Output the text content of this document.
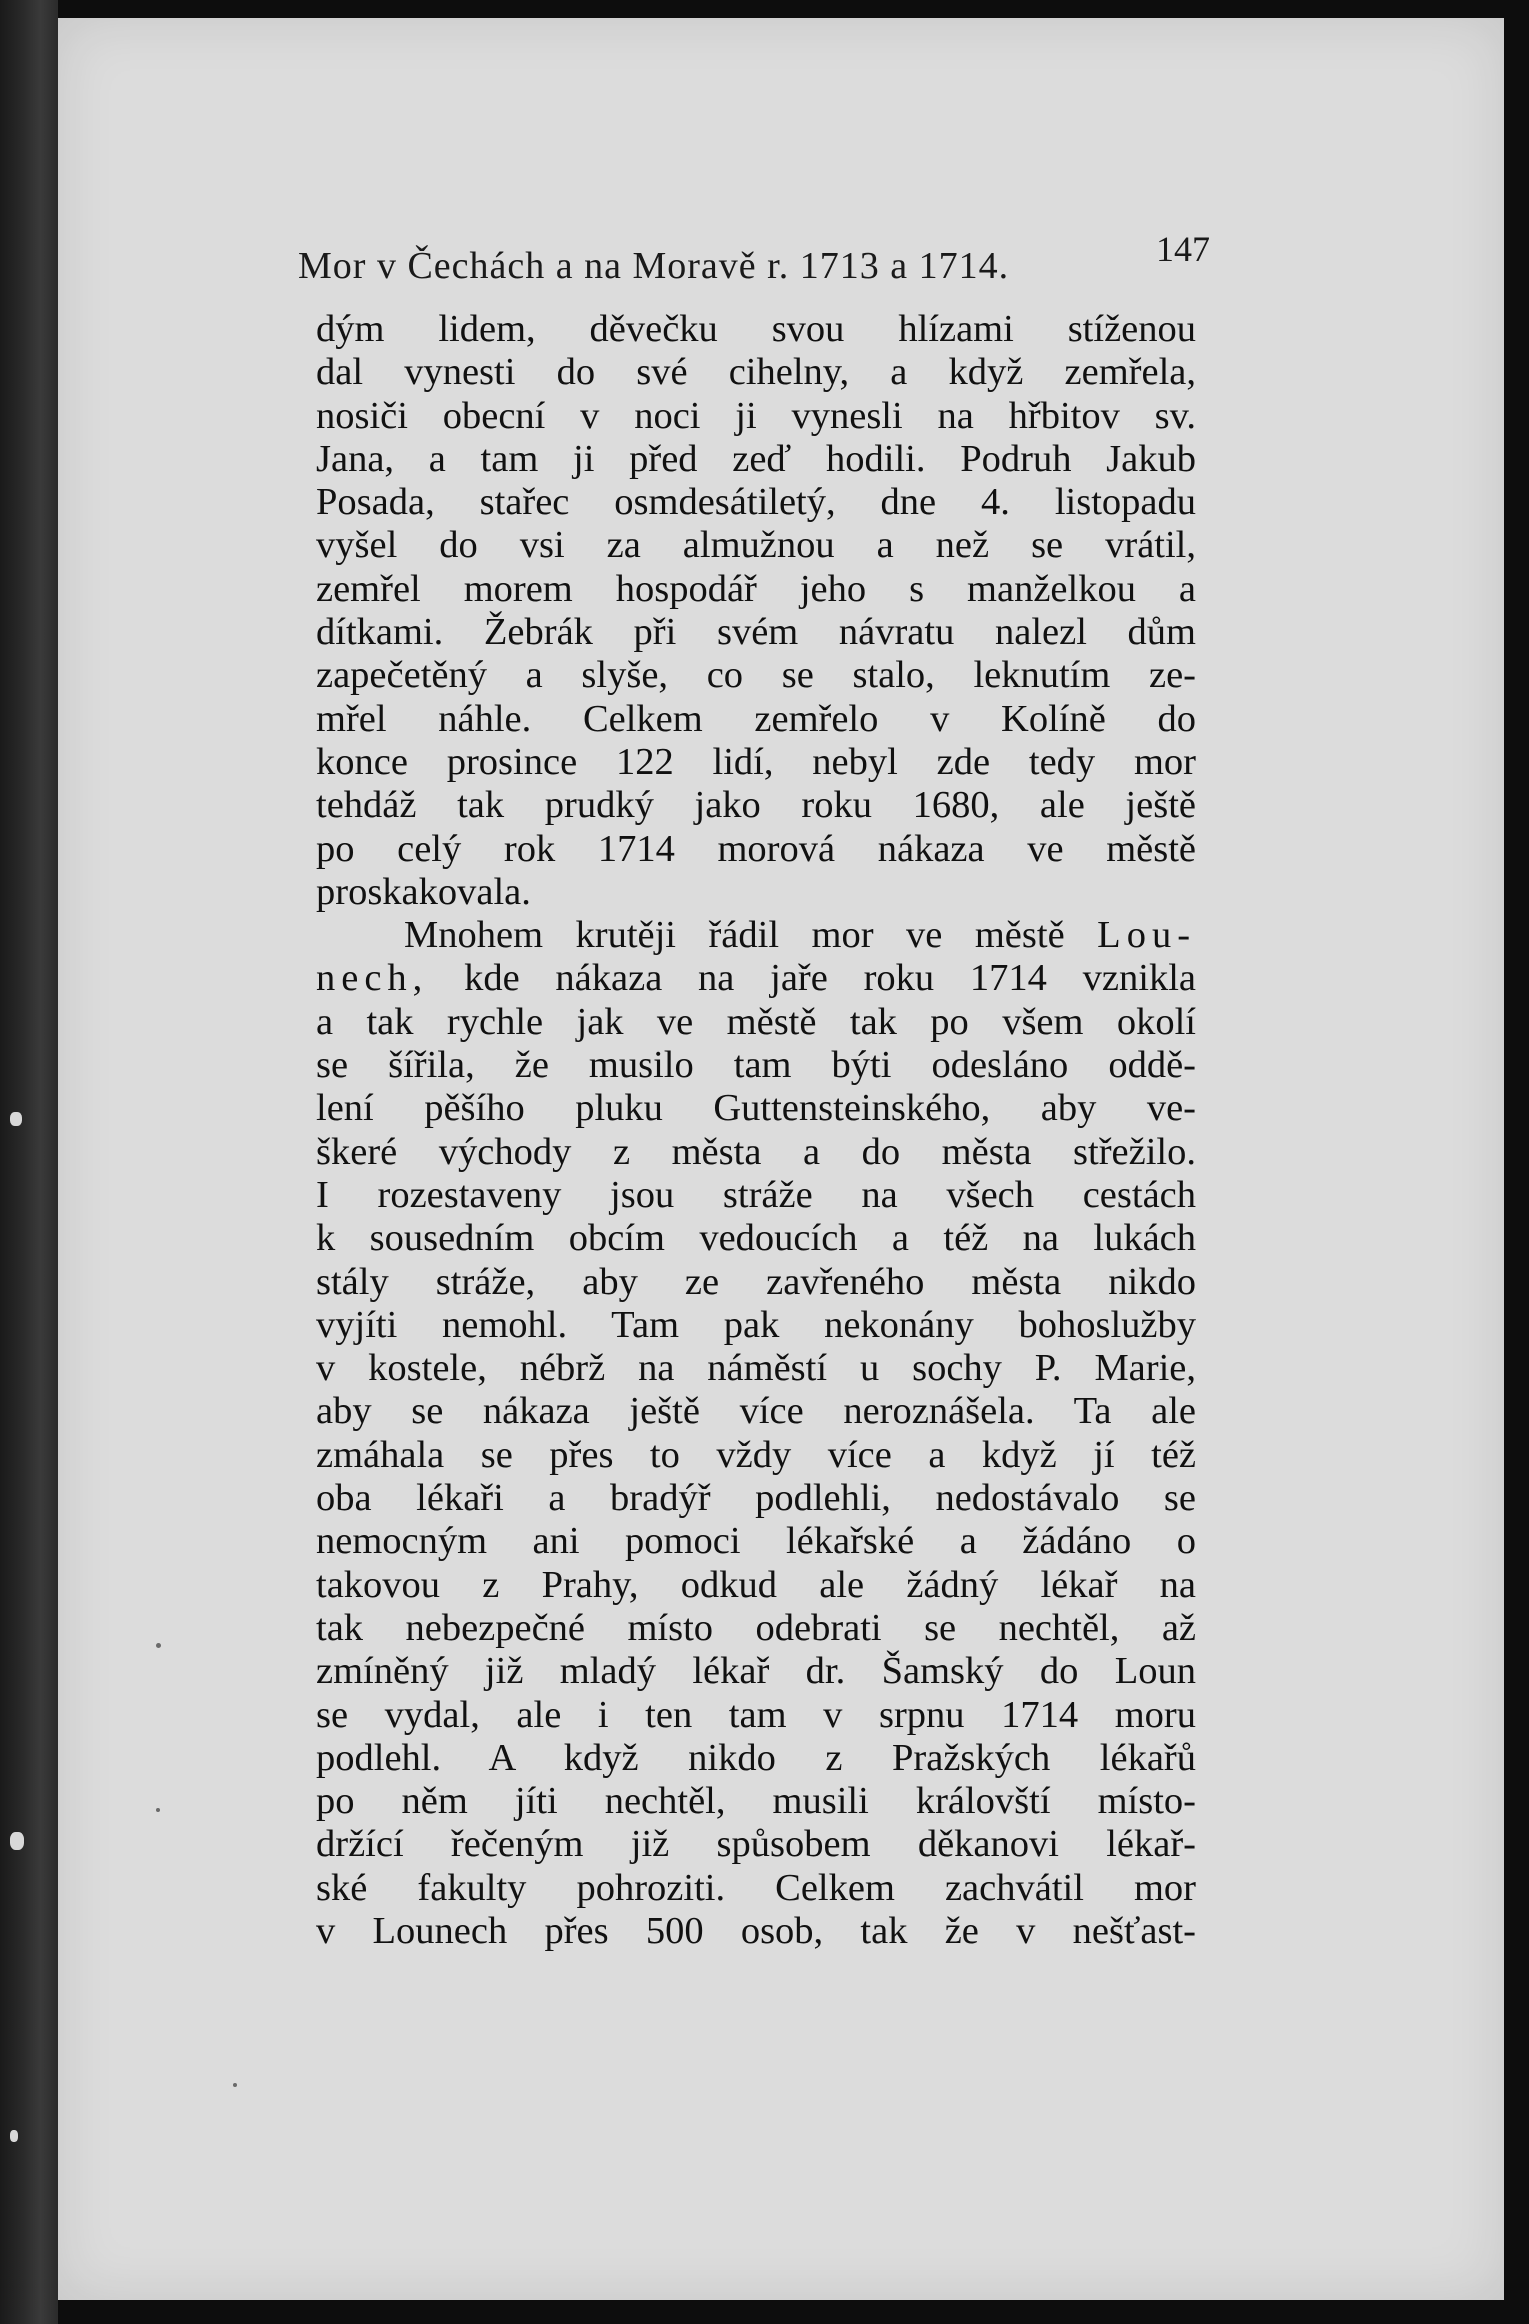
Mor v Čechách a na Moravě r. 1713 a 1714.	147
dým lidem, děvečku svou hlízami stíženou
dal vynesti do své cihelny, a když zemřela,
nosiči obecní v noci ji vynesli na hřbitov sv.
Jana, a tam ji před zeď hodili. Podruh Jakub
Posada, stařec osmdesátiletý, dne 4. listopadu
vyšel do vsi za almužnou a než se vrátil,
zemřel morem hospodář jeho s manželkou a
dítkami. Žebrák při svém návratu nalezl dům
zapečetěný a slyše, co se stalo, leknutím ze-
mřel náhle. Celkem zemřelo v Kolíně do
konce prosince 122 lidí, nebyl zde tedy mor
tehdáž tak prudký jako roku 1680, ale ještě
po celý rok 1714 morová nákaza ve městě
proskakovala.
Mnohem krutěji řádil mor ve městě Lou-
nech, kde nákaza na jaře roku 1714 vznikla
a tak rychle jak ve městě tak po všem okolí
se šířila, že musilo tam býti odesláno oddě-
lení pěšího pluku Guttensteinského, aby ve-
škeré východy z města a do města střežilo.
I rozestaveny jsou stráže na všech cestách
k sousedním obcím vedoucích a též na lukách
stály stráže, aby ze zavřeného města nikdo
vyjíti nemohl. Tam pak nekonány bohoslužby
v kostele, nébrž na náměstí u sochy P. Marie,
aby se nákaza ještě více neroznášela. Ta ale
zmáhala se přes to vždy více a když jí též
oba lékaři a bradýř podlehli, nedostávalo se
nemocným ani pomoci lékařské a žádáno o
takovou z Prahy, odkud ale žádný lékař na
tak nebezpečné místo odebrati se nechtěl, až
zmíněný již mladý lékař dr. Šamský do Loun
se vydal, ale i ten tam v srpnu 1714 moru
podlehl. A když nikdo z Pražských lékařů
po něm jíti nechtěl, musili královští místo-
držící řečeným již spůsobem děkanovi lékař-
ské fakulty pohroziti. Celkem zachvátil mor
v Lounech přes 500 osob, tak že v nešťast-
